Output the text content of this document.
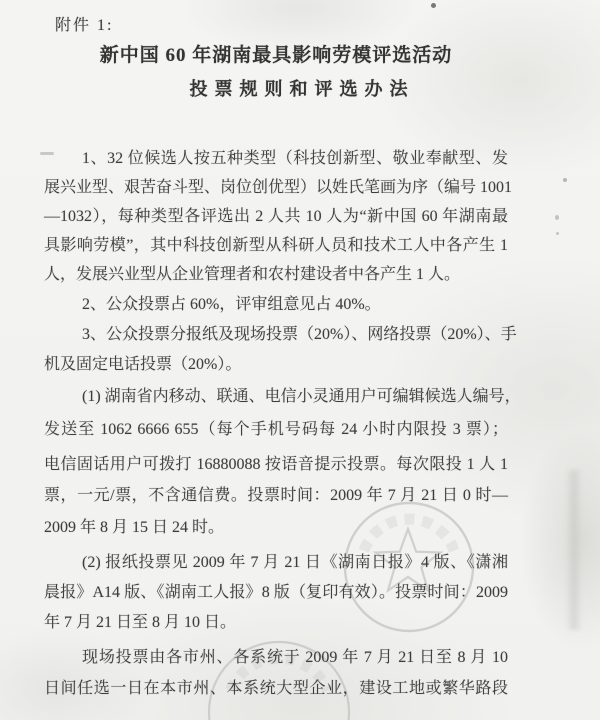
附件 1:
新中国 60 年湖南最具影响劳模评选活动
投票规则和评选办法
1、32 位候选人按五种类型（科技创新型、敬业奉献型、发
展兴业型、艰苦奋斗型、岗位创优型）以姓氏笔画为序（编号 1001
—1032），每种类型各评选出 2 人共 10 人为“新中国 60 年湖南最
具影响劳模”，其中科技创新型从科研人员和技术工人中各产生 1
人，发展兴业型从企业管理者和农村建设者中各产生 1 人。
2、公众投票占 60%，评审组意见占 40%。
3、公众投票分报纸及现场投票（20%）、网络投票（20%）、手
机及固定电话投票（20%）。
(1) 湖南省内移动、联通、电信小灵通用户可编辑候选人编号，
发送至 1062 6666 655（每个手机号码每 24 小时内限投 3 票）；
电信固话用户可拨打 16880088 按语音提示投票。每次限投 1 人 1
票，一元/票，不含通信费。投票时间：2009 年 7 月 21 日 0 时—
2009 年 8 月 15 日 24 时。
(2) 报纸投票见 2009 年 7 月 21 日《湖南日报》4 版、《潇湘
晨报》A14 版、《湖南工人报》8 版（复印有效）。投票时间：2009
年 7 月 21 日至 8 月 10 日。
现场投票由各市州、各系统于 2009 年 7 月 21 日至 8 月 10
日间任选一日在本市州、本系统大型企业，建设工地或繁华路段
